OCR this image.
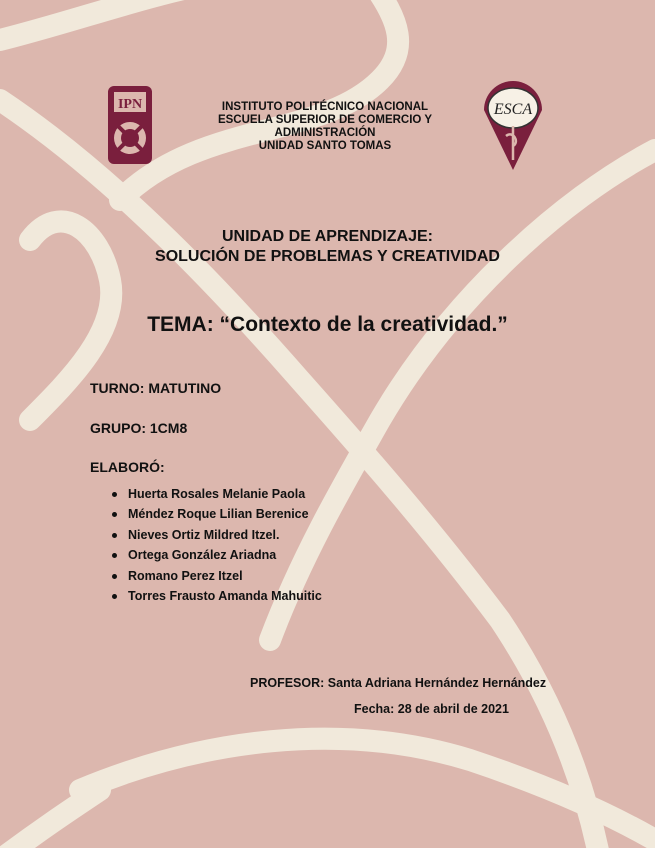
IPN	INSTITUTO POLITÉCNICO NACIONAL
ESCUELA SUPERIOR DE COMERCIO Y
ADMINISTRACIÓN
UNIDAD SANTO TOMAS
ESCA
UNIDAD DE APRENDIZAJE:
SOLUCIÓN DE PROBLEMAS Y CREATIVIDAD
TEMA: “Contexto de la creatividad.”
TURNO: MATUTINO
GRUPO: 1CM8
ELABORÓ:
Huerta Rosales Melanie Paola
Méndez Roque Lilian Berenice
Nieves Ortiz Mildred Itzel.
Ortega González Ariadna
Romano Perez Itzel
Torres Frausto Amanda Mahuitic
PROFESOR: Santa Adriana Hernández Hernández
Fecha: 28 de abril de 2021
